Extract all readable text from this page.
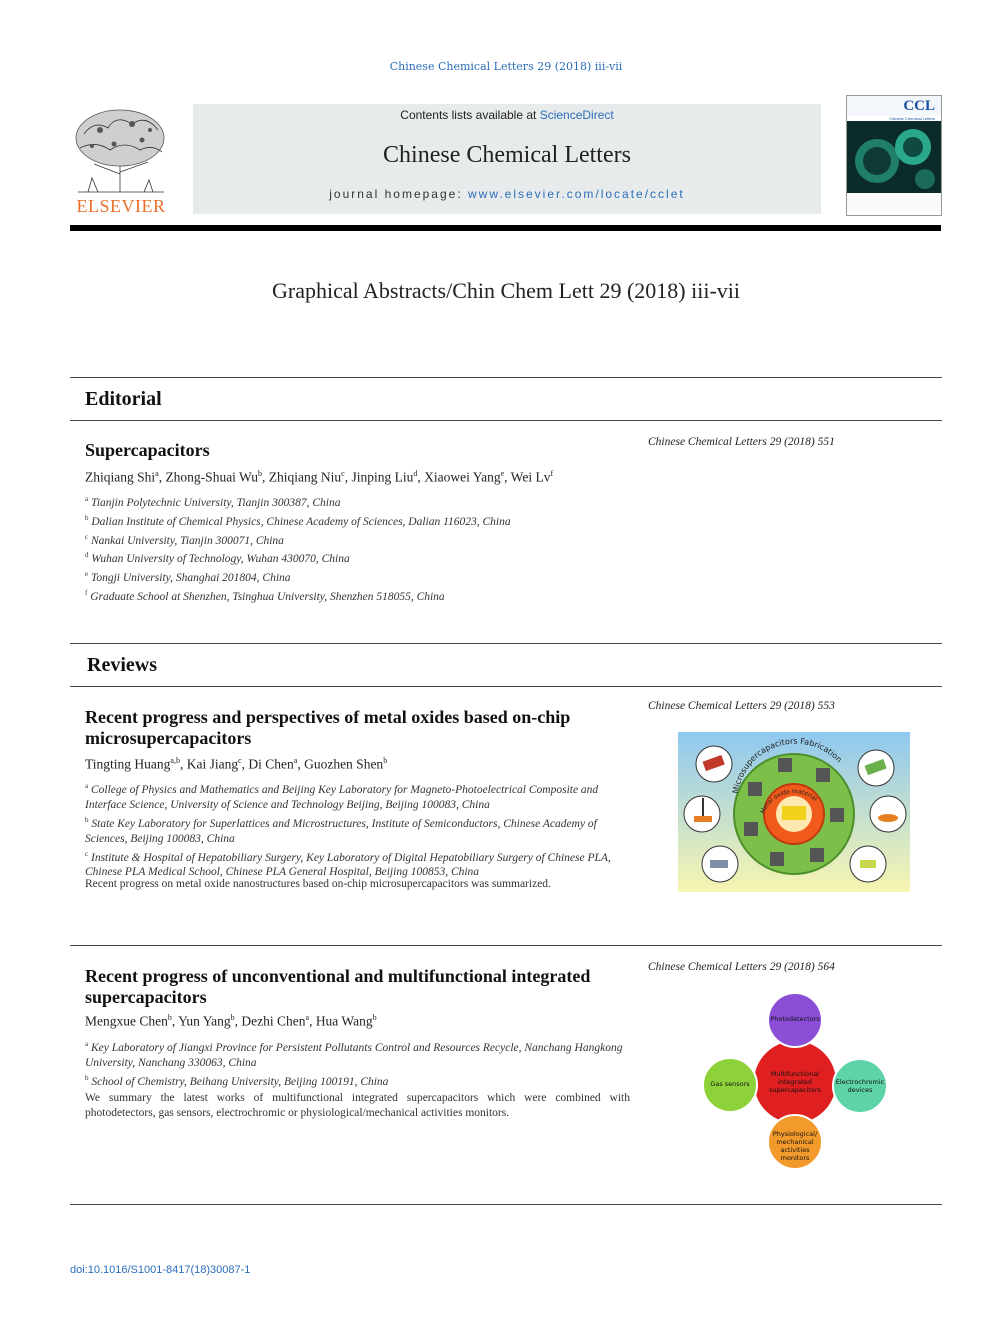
Chinese Chemical Letters 29 (2018) iii-vii
ELSEVIER
Contents lists available at ScienceDirect
Chinese Chemical Letters
journal homepage: www.elsevier.com/locate/cclet
CCL
Chinese Chemical Letters
Graphical Abstracts/Chin Chem Lett 29 (2018) iii-vii
Editorial
Supercapacitors	Chinese Chemical Letters 29 (2018) 551
Zhiqiang Shi$^a$, Zhong-Shuai Wu$^b$, Zhiqiang Niu$^c$, Jinping Liu$^d$, Xiaowei Yang$^e$, Wei Lv$^f$
$^a$ Tianjin Polytechnic University, Tianjin 300387, China
$^b$ Dalian Institute of Chemical Physics, Chinese Academy of Sciences, Dalian 116023, China
$^c$ Nankai University, Tianjin 300071, China
$^d$ Wuhan University of Technology, Wuhan 430070, China
$^e$ Tongji University, Shanghai 201804, China
$^f$ Graduate School at Shenzhen, Tsinghua University, Shenzhen 518055, China
Reviews
Recent progress and perspectives of metal oxides based on-chip microsupercapacitors
Chinese Chemical Letters 29 (2018) 553
Tingting Huang$^{a,b}$, Kai Jiang$^c$, Di Chen$^a$, Guozhen Shen$^b$
$^a$ College of Physics and Mathematics and Beijing Key Laboratory for Magneto-Photoelectrical Composite and Interface Science, University of Science and Technology Beijing, Beijing 100083, China
$^b$ State Key Laboratory for Superlattices and Microstructures, Institute of Semiconductors, Chinese Academy of Sciences, Beijing 100083, China
$^c$ Institute & Hospital of Hepatobiliary Surgery, Key Laboratory of Digital Hepatobiliary Surgery of Chinese PLA, Chinese PLA Medical School, Chinese PLA General Hospital, Beijing 100853, China
Recent progress on metal oxide nanostructures based on-chip microsupercapacitors was summarized.
Microsupercapacitors Fabrication
Metal oxide material
Recent progress of unconventional and multifunctional integrated supercapacitors
Chinese Chemical Letters 29 (2018) 564
Mengxue Chen$^b$, Yun Yang$^b$, Dezhi Chen$^a$, Hua Wang$^b$
$^a$ Key Laboratory of Jiangxi Province for Persistent Pollutants Control and Resources Recycle, Nanchang Hangkong University, Nanchang 330063, China
$^b$ School of Chemistry, Beihang University, Beijing 100191, China
We summary the latest works of multifunctional integrated supercapacitors which were combined with photodetectors, gas sensors, electrochromic or physiological/mechanical activities monitors.
Photodetectors
Gas sensors	Electrochromic devices
Multifunctional integrated supercapacitors
Physiological/ mechanical activities monitors
doi:10.1016/S1001-8417(18)30087-1
